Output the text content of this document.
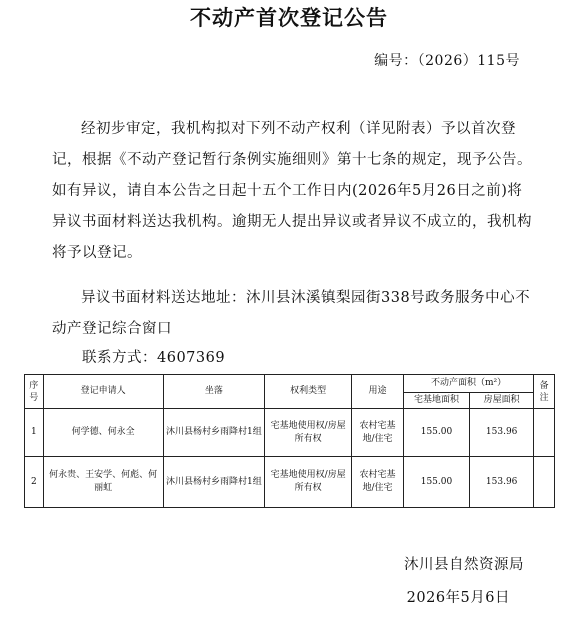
不动产首次登记公告
编号：（2026）115号
经初步审定，我机构拟对下列不动产权利（详见附表）予以首次登记，根据《不动产登记暂行条例实施细则》第十七条的规定，现予公告。如有异议，请自本公告之日起十五个工作日内(2026年5月26日之前)将异议书面材料送达我机构。逾期无人提出异议或者异议不成立的，我机构将予以登记。
异议书面材料送达地址：沐川县沐溪镇梨园街338号政务服务中心不动产登记综合窗口
联系方式：4607369
序号	登记申请人	坐落	权利类型	用途	不动产面积（m²）		备注

					宅基地面积	房屋面积	
1	何学德、何永全	沐川县杨村乡雨降村1组	宅基地使用权/房屋所有权	农村宅基地/住宅	155.00	153.96	
2	何永贵、王安学、何彪、何丽虹	沐川县杨村乡雨降村1组	宅基地使用权/房屋所有权	农村宅基地/住宅	155.00	153.96	
沐川县自然资源局
2026年5月6日
